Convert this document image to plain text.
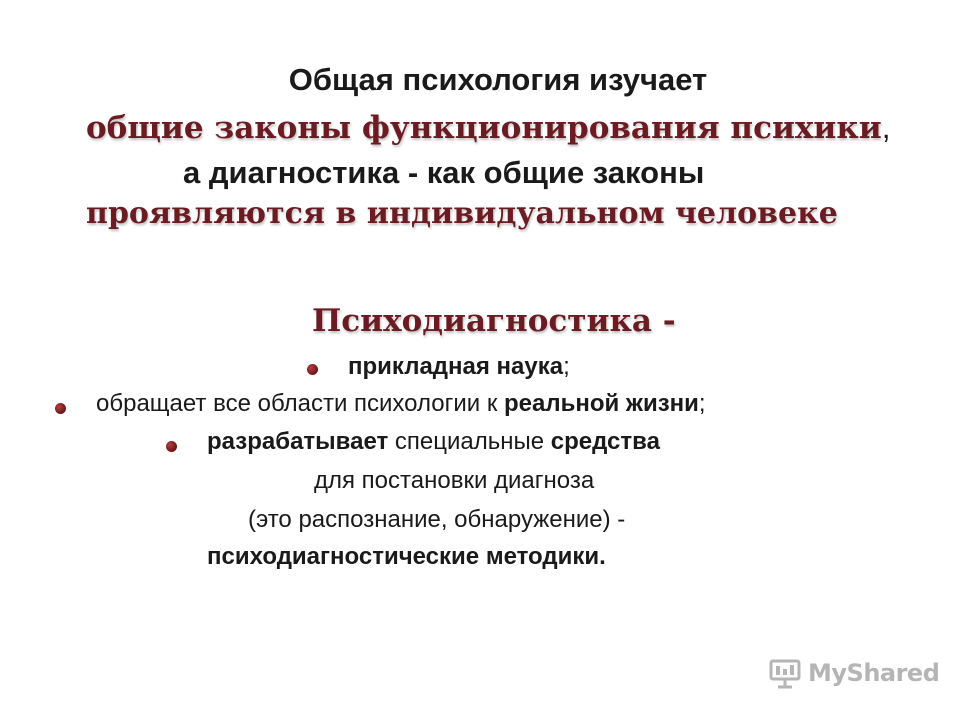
Общая психология изучает
общие законы функционирования психики,
а диагностика - как общие законы
проявляются в индивидуальном человеке
Психодиагностика -
прикладная наука;
обращает все области психологии к реальной жизни;
разрабатывает специальные средства
для постановки диагноза
(это распознание, обнаружение) -
психодиагностические методики.
MyShared
